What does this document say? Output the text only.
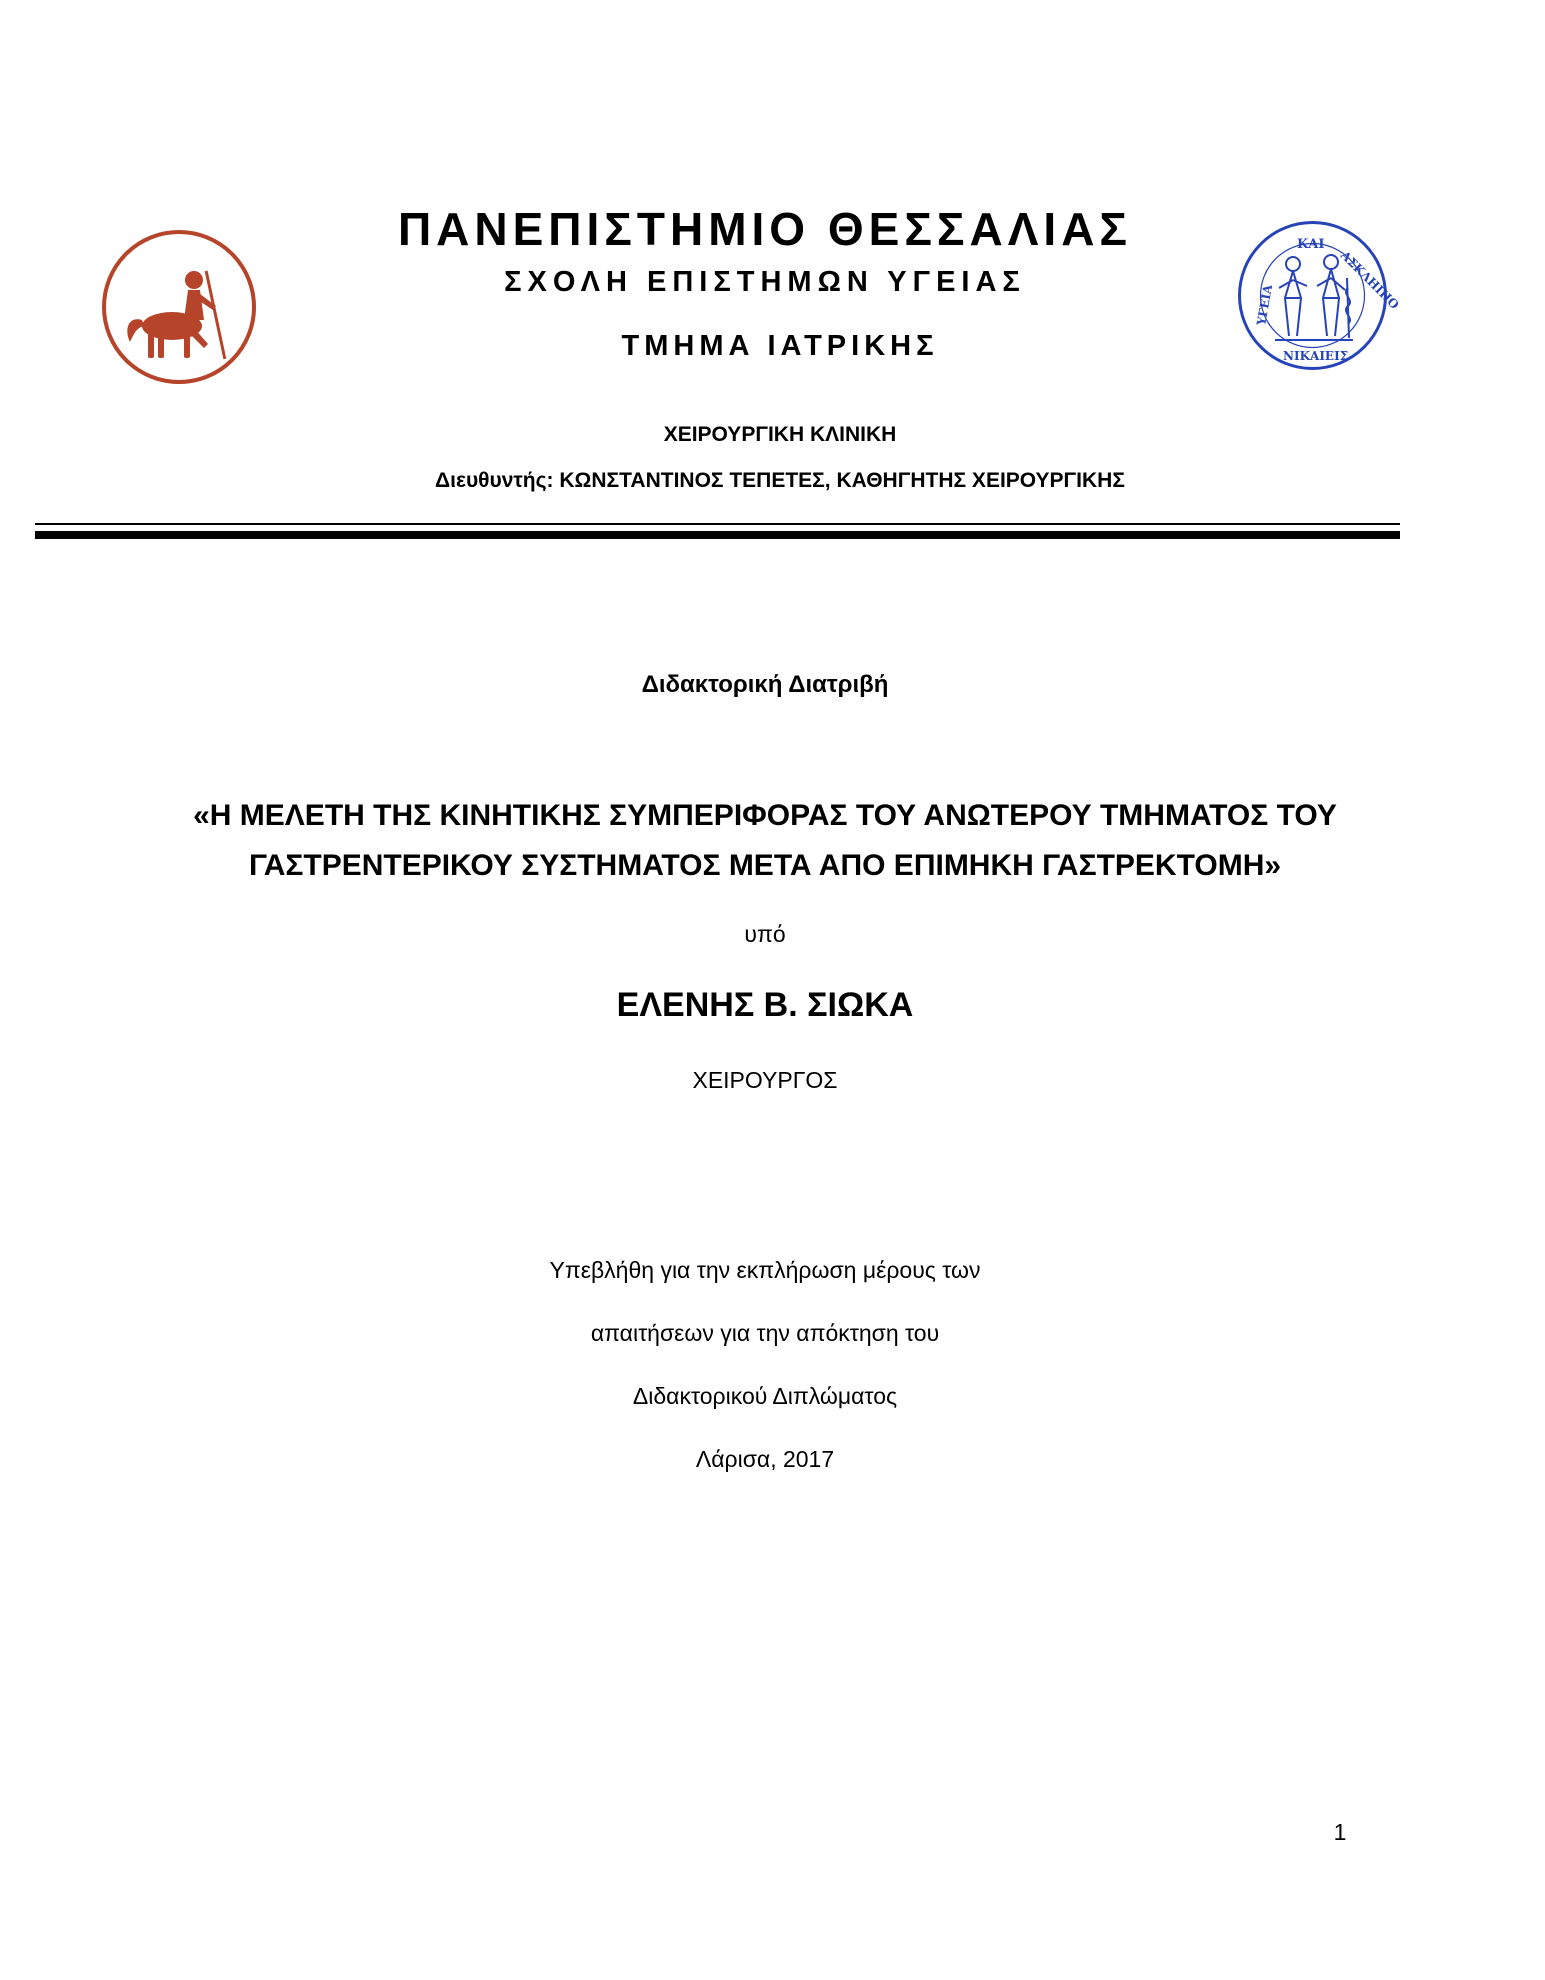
ΚΑΙ
ΑΣΚΛΗΠΙΟ
ΥΓΕΙΑ
ΝΙΚΑΙΕΙΣ
ΠΑΝΕΠΙΣΤΗΜΙΟ ΘΕΣΣΑΛΙΑΣ
ΣΧΟΛΗ ΕΠΙΣΤΗΜΩΝ ΥΓΕΙΑΣ
ΤΜΗΜΑ ΙΑΤΡΙΚΗΣ
ΧΕΙΡΟΥΡΓΙΚΗ ΚΛΙΝΙΚΗ
Διευθυντής: ΚΩΝΣΤΑΝΤΙΝΟΣ ΤΕΠΕΤΕΣ, ΚΑΘΗΓΗΤΗΣ ΧΕΙΡΟΥΡΓΙΚΗΣ
Διδακτορική Διατριβή
«Η ΜΕΛΕΤΗ ΤΗΣ ΚΙΝΗΤΙΚΗΣ ΣΥΜΠΕΡΙΦΟΡΑΣ ΤΟΥ ΑΝΩΤΕΡΟΥ ΤΜΗΜΑΤΟΣ ΤΟΥ
ΓΑΣΤΡΕΝΤΕΡΙΚΟΥ ΣΥΣΤΗΜΑΤΟΣ ΜΕΤΑ ΑΠΟ ΕΠΙΜΗΚΗ ΓΑΣΤΡΕΚΤΟΜΗ»
υπό
ΕΛΕΝΗΣ Β. ΣΙΩΚΑ
ΧΕΙΡΟΥΡΓΟΣ
Υπεβλήθη για την εκπλήρωση μέρους των
απαιτήσεων για την απόκτηση του
Διδακτορικού Διπλώματος
Λάρισα, 2017
1
